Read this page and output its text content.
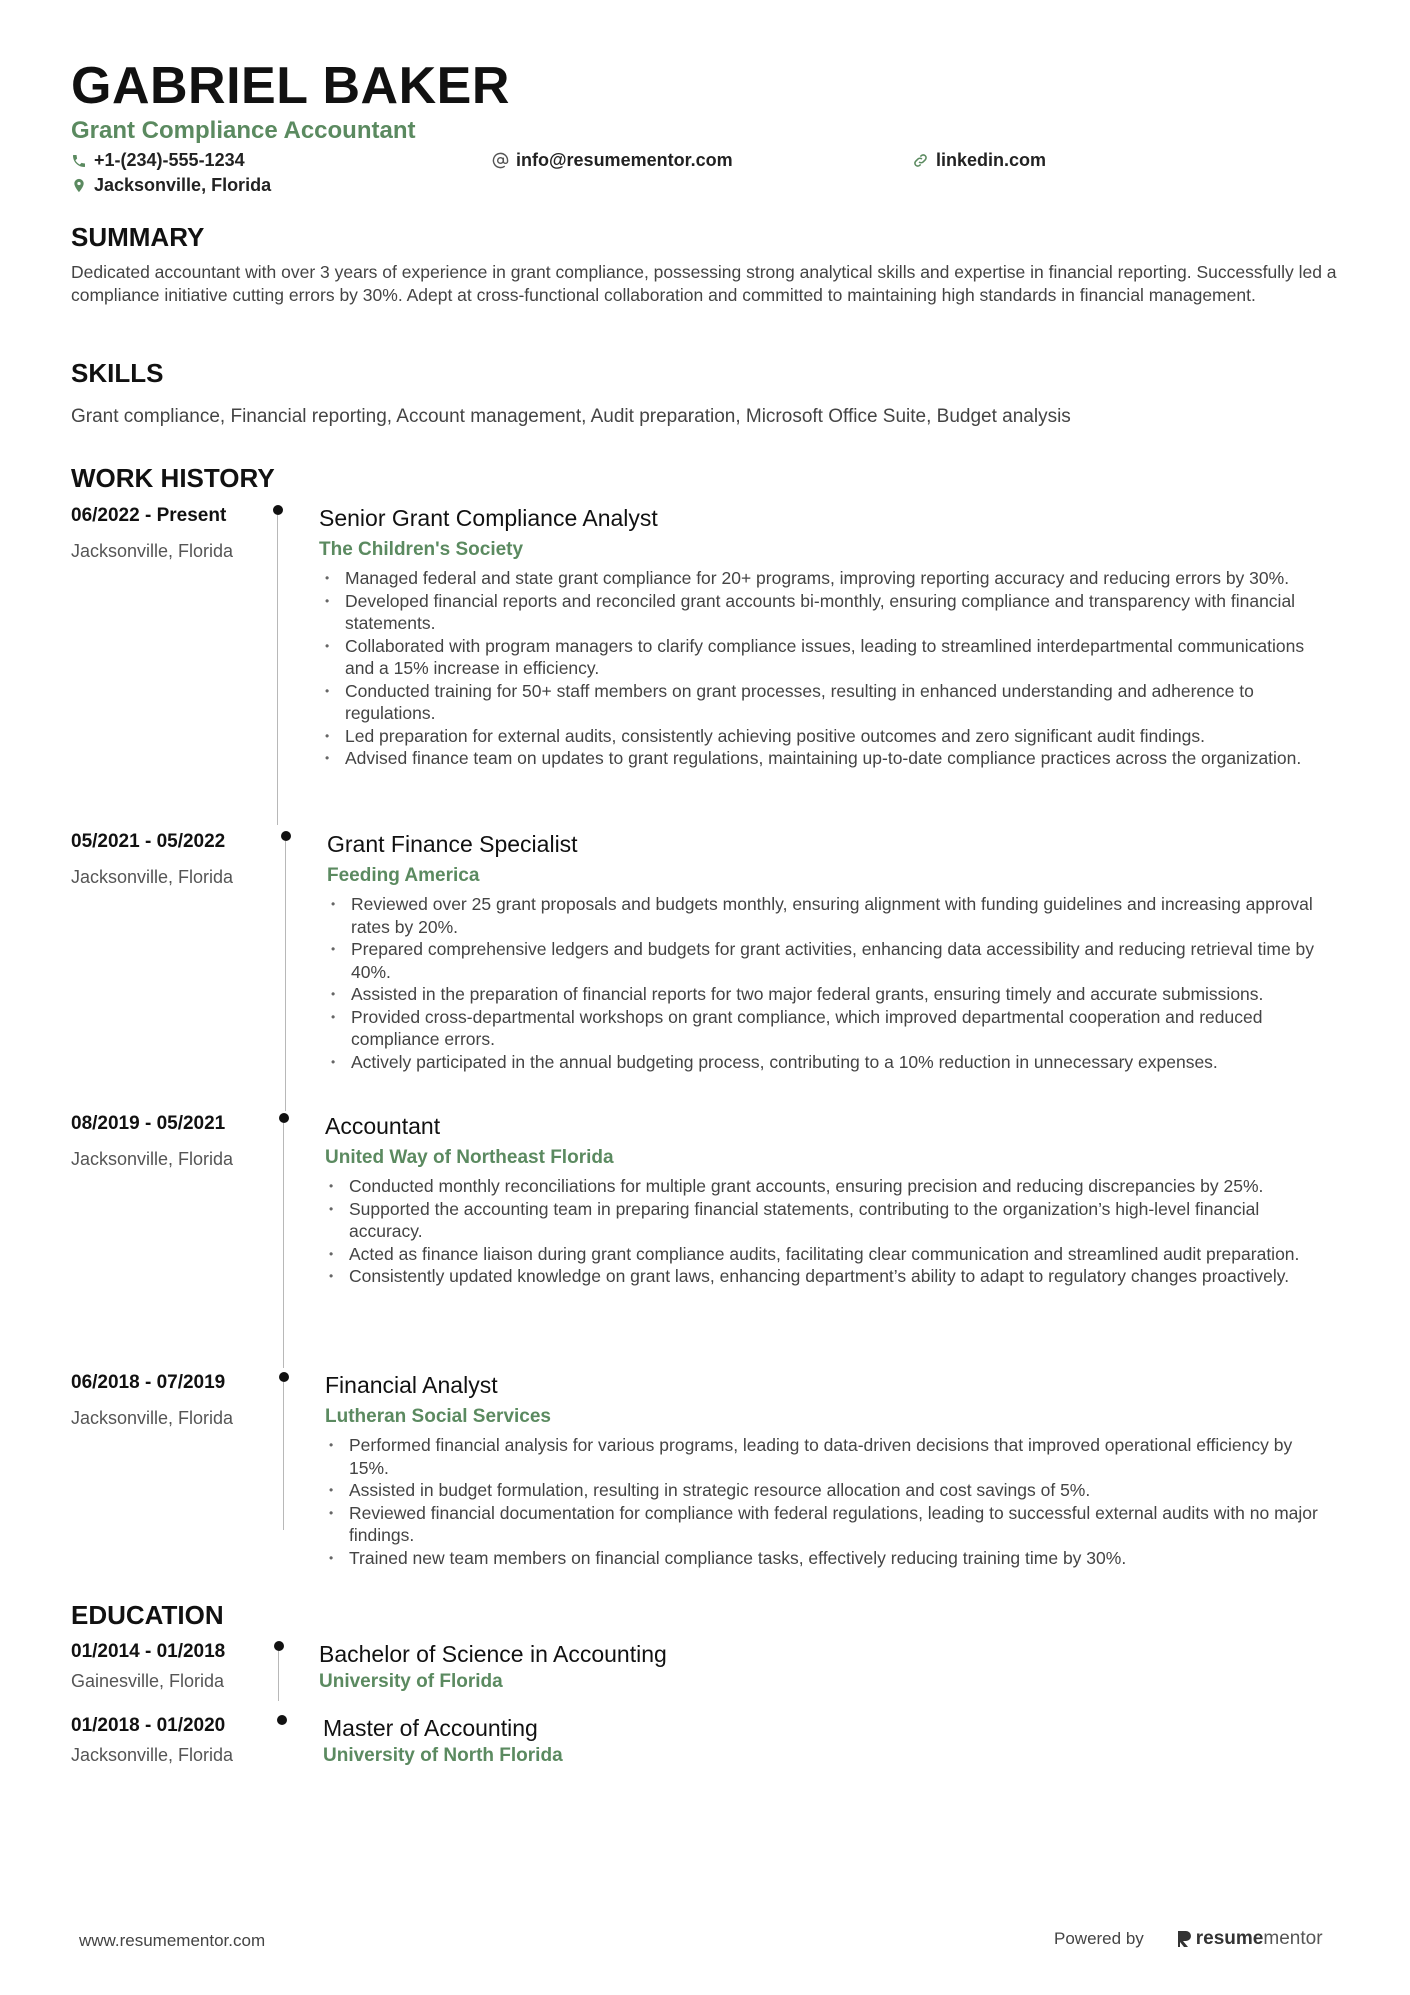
GABRIEL BAKER
Grant Compliance Accountant
+1-(234)-555-1234	info@resumementor.com	linkedin.com
Jacksonville, Florida
SUMMARY

Dedicated accountant with over 3 years of experience in grant compliance, possessing strong analytical skills and expertise in financial reporting. Successfully led a compliance initiative cutting errors by 30%. Adept at cross-functional collaboration and committed to maintaining high standards in financial management.

SKILLS

Grant compliance, Financial reporting, Account management, Audit preparation, Microsoft Office Suite, Budget analysis

WORK HISTORY
06/2022 - Present
Jacksonville, Florida
Senior Grant Compliance Analyst
The Children's Society
• Managed federal and state grant compliance for 20+ programs, improving reporting accuracy and reducing errors by 30%.
• Developed financial reports and reconciled grant accounts bi-monthly, ensuring compliance and transparency with financial statements.
• Collaborated with program managers to clarify compliance issues, leading to streamlined interdepartmental communications and a 15% increase in efficiency.
• Conducted training for 50+ staff members on grant processes, resulting in enhanced understanding and adherence to regulations.
• Led preparation for external audits, consistently achieving positive outcomes and zero significant audit findings.
• Advised finance team on updates to grant regulations, maintaining up-to-date compliance practices across the organization.
05/2021 - 05/2022
Jacksonville, Florida
Grant Finance Specialist
Feeding America
• Reviewed over 25 grant proposals and budgets monthly, ensuring alignment with funding guidelines and increasing approval rates by 20%.
• Prepared comprehensive ledgers and budgets for grant activities, enhancing data accessibility and reducing retrieval time by 40%.
• Assisted in the preparation of financial reports for two major federal grants, ensuring timely and accurate submissions.
• Provided cross-departmental workshops on grant compliance, which improved departmental cooperation and reduced compliance errors.
• Actively participated in the annual budgeting process, contributing to a 10% reduction in unnecessary expenses.
08/2019 - 05/2021
Jacksonville, Florida
Accountant
United Way of Northeast Florida
• Conducted monthly reconciliations for multiple grant accounts, ensuring precision and reducing discrepancies by 25%.
• Supported the accounting team in preparing financial statements, contributing to the organization’s high-level financial accuracy.
• Acted as finance liaison during grant compliance audits, facilitating clear communication and streamlined audit preparation.
• Consistently updated knowledge on grant laws, enhancing department’s ability to adapt to regulatory changes proactively.
06/2018 - 07/2019
Jacksonville, Florida
Financial Analyst
Lutheran Social Services
• Performed financial analysis for various programs, leading to data-driven decisions that improved operational efficiency by 15%.
• Assisted in budget formulation, resulting in strategic resource allocation and cost savings of 5%.
• Reviewed financial documentation for compliance with federal regulations, leading to successful external audits with no major findings.
• Trained new team members on financial compliance tasks, effectively reducing training time by 30%.
EDUCATION
01/2014 - 01/2018
Gainesville, Florida
Bachelor of Science in Accounting
University of Florida
01/2018 - 01/2020
Jacksonville, Florida
Master of Accounting
University of North Florida
www.resumementor.com	Powered by	resume mentor
